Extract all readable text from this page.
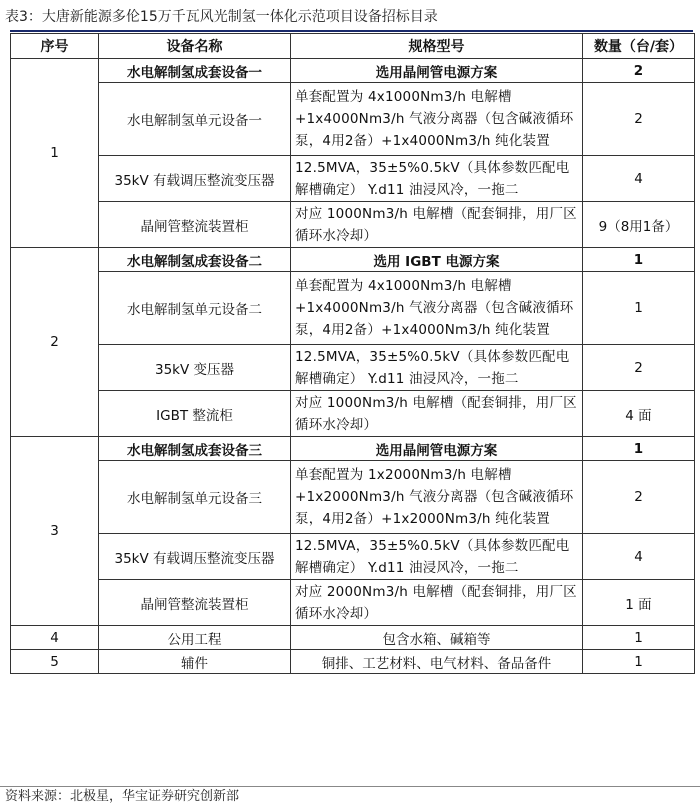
表3：大唐新能源多伦15万千瓦风光制氢一体化示范项目设备招标目录
序号	设备名称	规格型号	数量（台/套）
1	水电解制氢成套设备一	选用晶闸管电源方案	2
	水电解制氢单元设备一	单套配置为 4x1000Nm3/h 电解槽+1x4000Nm3/h 气液分离器（包含碱液循环泵，4用2备）+1x4000Nm3/h 纯化装置	2
	35kV 有载调压整流变压器	12.5MVA，35±5%0.5kV（具体参数匹配电解槽确定） Y.d11 油浸风冷，一拖二	4
	晶闸管整流装置柜	对应 1000Nm3/h 电解槽（配套铜排，用厂区循环水冷却）	9（8用1备）
2	水电解制氢成套设备二	选用 IGBT 电源方案	1
	水电解制氢单元设备二	单套配置为 4x1000Nm3/h 电解槽+1x4000Nm3/h 气液分离器（包含碱液循环泵，4用2备）+1x4000Nm3/h 纯化装置	1
	35kV 变压器	12.5MVA，35±5%0.5kV（具体参数匹配电解槽确定） Y.d11 油浸风冷，一拖二	2
	IGBT 整流柜	对应 1000Nm3/h 电解槽（配套铜排，用厂区循环水冷却）	4 面
3	水电解制氢成套设备三	选用晶闸管电源方案	1
	水电解制氢单元设备三	单套配置为 1x2000Nm3/h 电解槽+1x2000Nm3/h 气液分离器（包含碱液循环泵，4用2备）+1x2000Nm3/h 纯化装置	2
	35kV 有载调压整流变压器	12.5MVA，35±5%0.5kV（具体参数匹配电解槽确定） Y.d11 油浸风冷，一拖二	4
	晶闸管整流装置柜	对应 2000Nm3/h 电解槽（配套铜排，用厂区循环水冷却）	1 面
4	公用工程	包含水箱、碱箱等	1
5	辅件	铜排、工艺材料、电气材料、备品备件	1
资料来源：北极星，华宝证券研究创新部
